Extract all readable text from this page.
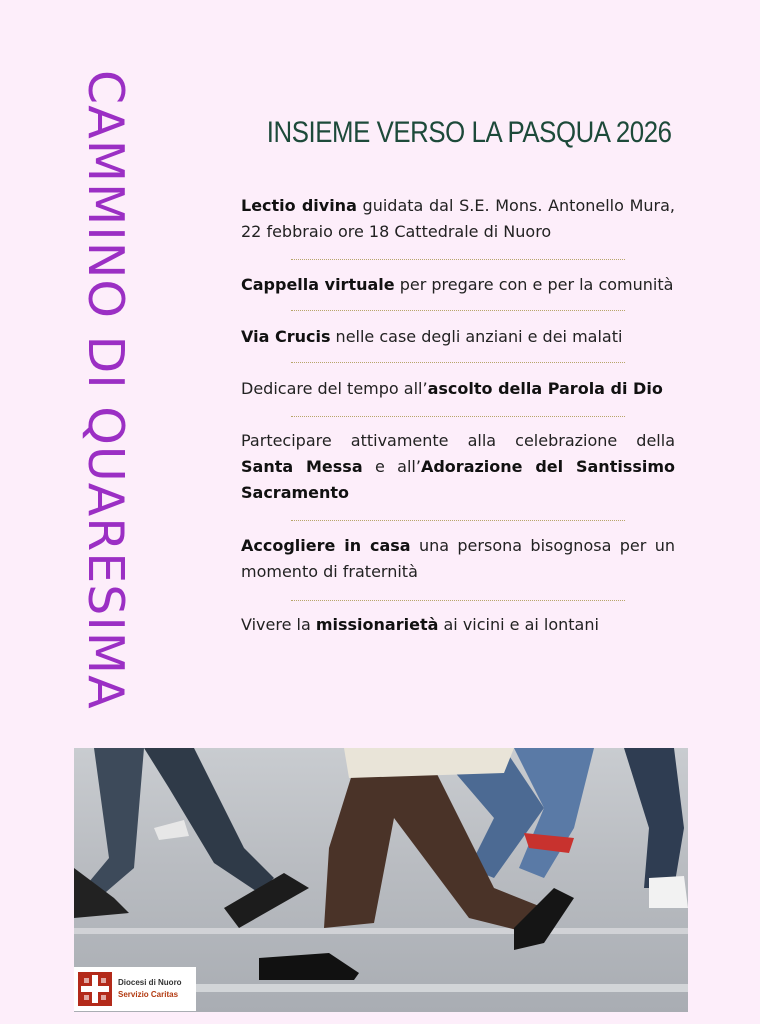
CAMMINO DI QUARESIMA	INSIEME VERSO LA PASQUA 2026

Lectio divina guidata dal S.E. Mons. Antonello Mura, 22 febbraio ore 18 Cattedrale di Nuoro

Cappella virtuale per pregare con e per la comunità

Via Crucis nelle case degli anziani e dei malati

Dedicare del tempo all’ascolto della Parola di Dio

Partecipare attivamente alla celebrazione della Santa Messa e all’Adorazione del Santissimo Sacramento

Accogliere in casa una persona bisognosa per un momento di fraternità

Vivere la missionarietà ai vicini e ai lontani

Diocesi di Nuoro
Servizio Caritas
